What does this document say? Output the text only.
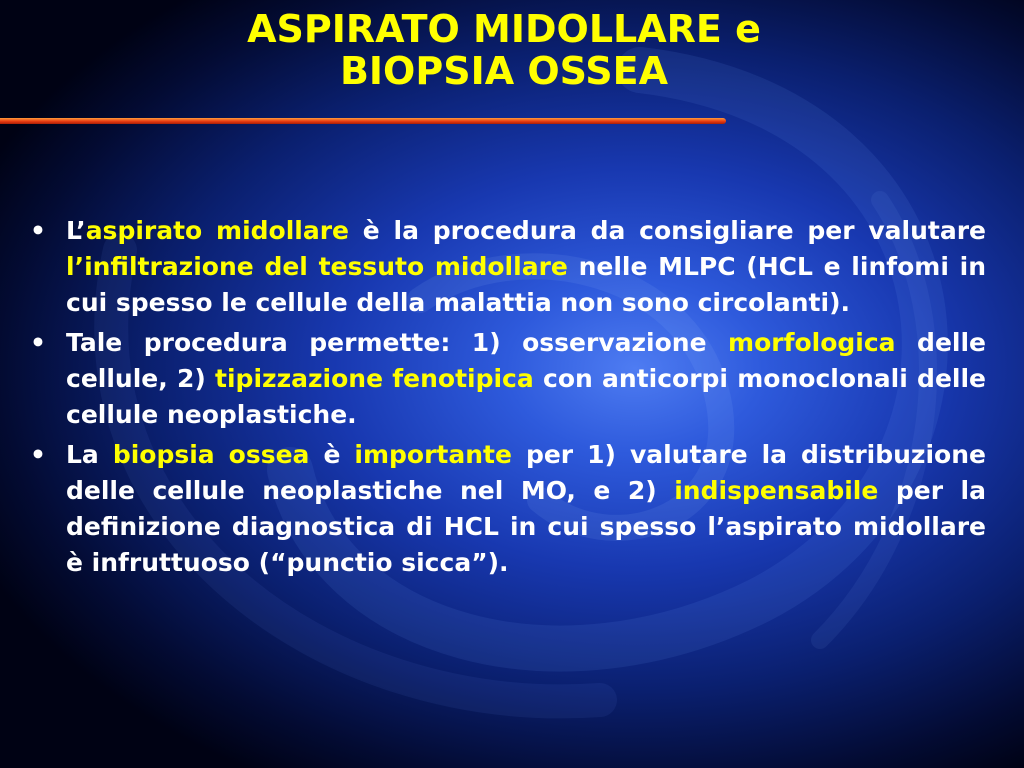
ASPIRATO MIDOLLARE e
BIOPSIA OSSEA
• L’aspirato midollare è la procedura da consigliare per valutare l’infiltrazione del tessuto midollare nelle MLPC (HCL e linfomi in cui spesso le cellule della malattia non sono circolanti).
• Tale procedura permette: 1) osservazione morfologica delle cellule, 2) tipizzazione fenotipica con anticorpi monoclonali delle cellule neoplastiche.
• La biopsia ossea è importante per 1) valutare la distribuzione delle cellule neoplastiche nel MO, e 2) indispensabile per la definizione diagnostica di HCL in cui spesso l’aspirato midollare è infruttuoso (“punctio sicca”).
